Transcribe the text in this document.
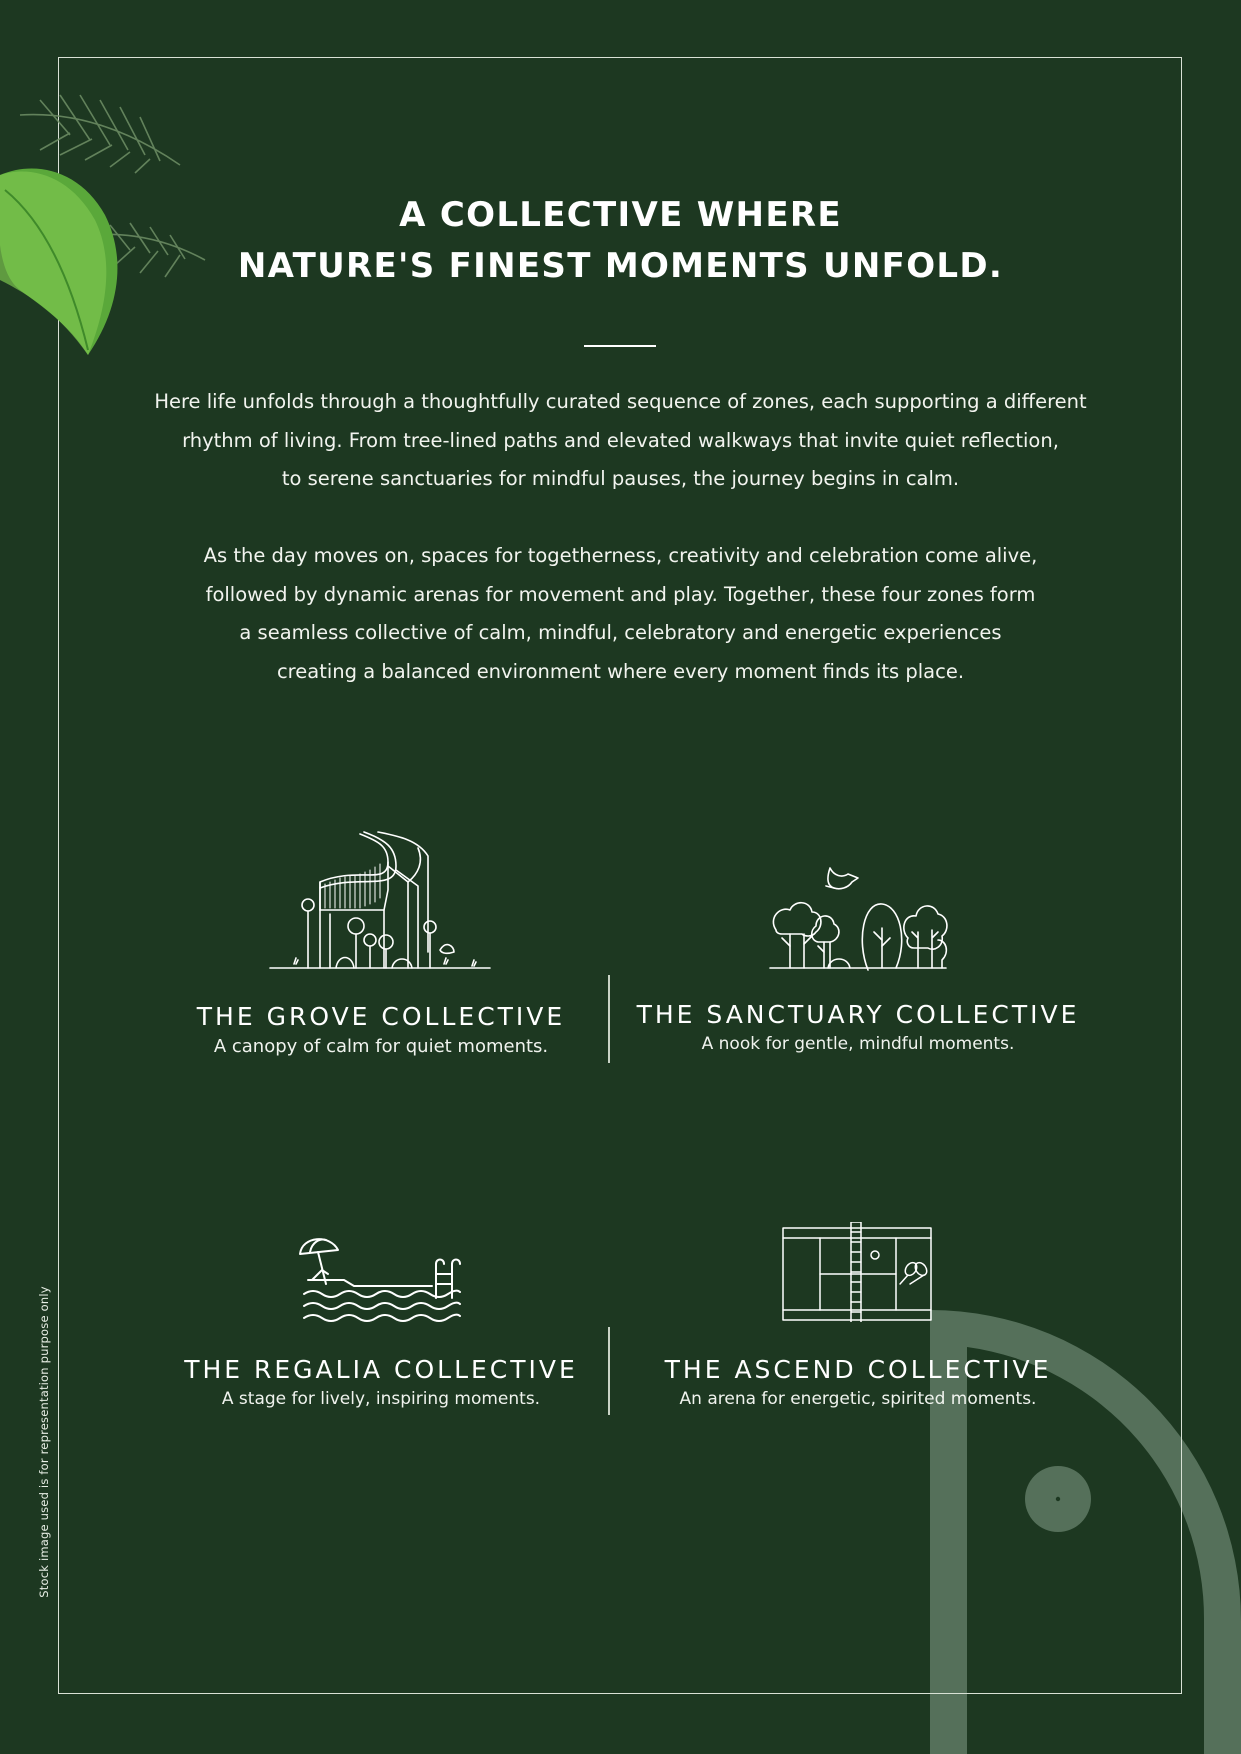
Stock image used is for representation purpose only
A COLLECTIVE WHERE
NATURE'S FINEST MOMENTS UNFOLD.

Here life unfolds through a thoughtfully curated sequence of zones, each supporting a different

rhythm of living. From tree-lined paths and elevated walkways that invite quiet reflection,

to serene sanctuaries for mindful pauses, the journey begins in calm.

As the day moves on, spaces for togetherness, creativity and celebration come alive,

followed by dynamic arenas for movement and play. Together, these four zones form

a seamless collective of calm, mindful, celebratory and energetic experiences

creating a balanced environment where every moment finds its place.

THE GROVE COLLECTIVE
A canopy of calm for quiet moments.
THE SANCTUARY COLLECTIVE
A nook for gentle, mindful moments.
THE REGALIA COLLECTIVE
A stage for lively, inspiring moments.
THE ASCEND COLLECTIVE
An arena for energetic, spirited moments.
